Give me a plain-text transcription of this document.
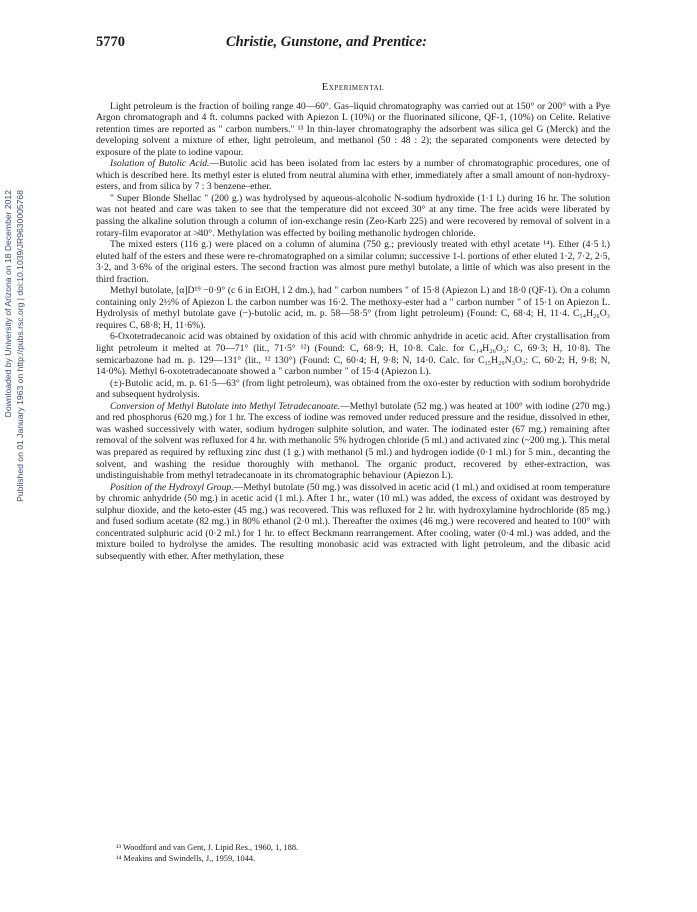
Downloaded by University of Arizona on 18 December 2012 Published on 01 January 1963 on http://pubs.rsc.org | doi:10.1039/JR9630005768
5770	Christie, Gunstone, and Prentice:
Experimental

Light petroleum is the fraction of boiling range 40—60°. Gas–liquid chromatography was carried out at 150° or 200° with a Pye Argon chromatograph and 4 ft. columns packed with Apiezon L (10%) or the fluorinated silicone, QF-1, (10%) on Celite. Relative retention times are reported as " carbon numbers." ¹³ In thin-layer chromatography the adsorbent was silica gel G (Merck) and the developing solvent a mixture of ether, light petroleum, and methanol (50 : 48 : 2); the separated components were detected by exposure of the plate to iodine vapour.

Isolation of Butolic Acid.—Butolic acid has been isolated from lac esters by a number of chromatographic procedures, one of which is described here. Its methyl ester is eluted from neutral alumina with ether, immediately after a small amount of non-hydroxy-esters, and from silica by 7 : 3 benzene–ether.

" Super Blonde Shellac " (200 g.) was hydrolysed by aqueous-alcoholic N-sodium hydroxide (1·1 l.) during 16 hr. The solution was not heated and care was taken to see that the temperature did not exceed 30° at any time. The free acids were liberated by passing the alkaline solution through a column of ion-exchange resin (Zeo-Karb 225) and were recovered by removal of solvent in a rotary-film evaporator at ≯40°. Methylation was effected by boiling methanolic hydrogen chloride.

The mixed esters (116 g.) were placed on a column of alumina (750 g.; previously treated with ethyl acetate ¹⁴). Ether (4·5 l.) eluted half of the esters and these were re-chromatographed on a similar column; successive 1-l. portions of ether eluted 1·2, 7·2, 2·5, 3·2, and 3·6% of the original esters. The second fraction was almost pure methyl butolate, a little of which was also present in the third fraction.

Methyl butolate, [α]D¹⁹ −0·9° (c 6 in EtOH, l 2 dm.), had " carbon numbers " of 15·8 (Apiezon L) and 18·0 (QF-1). On a column containing only 2½% of Apiezon L the carbon number was 16·2. The methoxy-ester had a " carbon number " of 15·1 on Apiezon L. Hydrolysis of methyl butolate gave (−)-butolic acid, m. p. 58—58·5° (from light petroleum) (Found: C, 68·4; H, 11·4. C₁₄H₂₆O₃ requires C, 68·8; H, 11·6%).

6-Oxotetradecanoic acid was obtained by oxidation of this acid with chromic anhydride in acetic acid. After crystallisation from light petroleum it melted at 70—71° (lit., 71·5° ¹²) (Found: C, 68·9; H, 10·8. Calc. for C₁₄H₂₆O₃: C, 69·3; H, 10·8). The semicarbazone had m. p. 129—131° (lit., ¹² 130°) (Found: C, 60·4; H, 9·8; N, 14·0. Calc. for C₁₅H₂₉N₃O₃: C, 60·2; H, 9·8; N, 14·0%). Methyl 6-oxotetradecanoate showed a " carbon number " of 15·4 (Apiezon L).

(±)-Butolic acid, m. p. 61·5—63° (from light petroleum), was obtained from the oxo-ester by reduction with sodium borohydride and subsequent hydrolysis.

Conversion of Methyl Butolate into Methyl Tetradecanoate.—Methyl butolate (52 mg.) was heated at 100° with iodine (270 mg.) and red phosphorus (620 mg.) for 1 hr. The excess of iodine was removed under reduced pressure and the residue, dissolved in ether, was washed successively with water, sodium hydrogen sulphite solution, and water. The iodinated ester (67 mg.) remaining after removal of the solvent was refluxed for 4 hr. with methanolic 5% hydrogen chloride (5 ml.) and activated zinc (~200 mg.). This metal was prepared as required by refluxing zinc dust (1 g.) with methanol (5 ml.) and hydrogen iodide (0·1 ml.) for 5 min., decanting the solvent, and washing the residue thoroughly with methanol. The organic product, recovered by ether-extraction, was undistinguishable from methyl tetradecanoate in its chromatographic behaviour (Apiezon L).

Position of the Hydroxyl Group.—Methyl butolate (50 mg.) was dissolved in acetic acid (1 ml.) and oxidised at room temperature by chromic anhydride (50 mg.) in acetic acid (1 ml.). After 1 hr., water (10 ml.) was added, the excess of oxidant was destroyed by sulphur dioxide, and the keto-ester (45 mg.) was recovered. This was refluxed for 2 hr. with hydroxylamine hydrochloride (85 mg.) and fused sodium acetate (82 mg.) in 80% ethanol (2·0 ml.). Thereafter the oximes (46 mg.) were recovered and heated to 100° with concentrated sulphuric acid (0·2 ml.) for 1 hr. to effect Beckmann rearrangement. After cooling, water (0·4 ml.) was added, and the mixture boiled to hydrolyse the amides. The resulting monobasic acid was extracted with light petroleum, and the dibasic acid subsequently with ether. After methylation, these

¹³ Woodford and van Gent, J. Lipid Res., 1960, 1, 188.
¹⁴ Meakins and Swindells, J., 1959, 1044.
